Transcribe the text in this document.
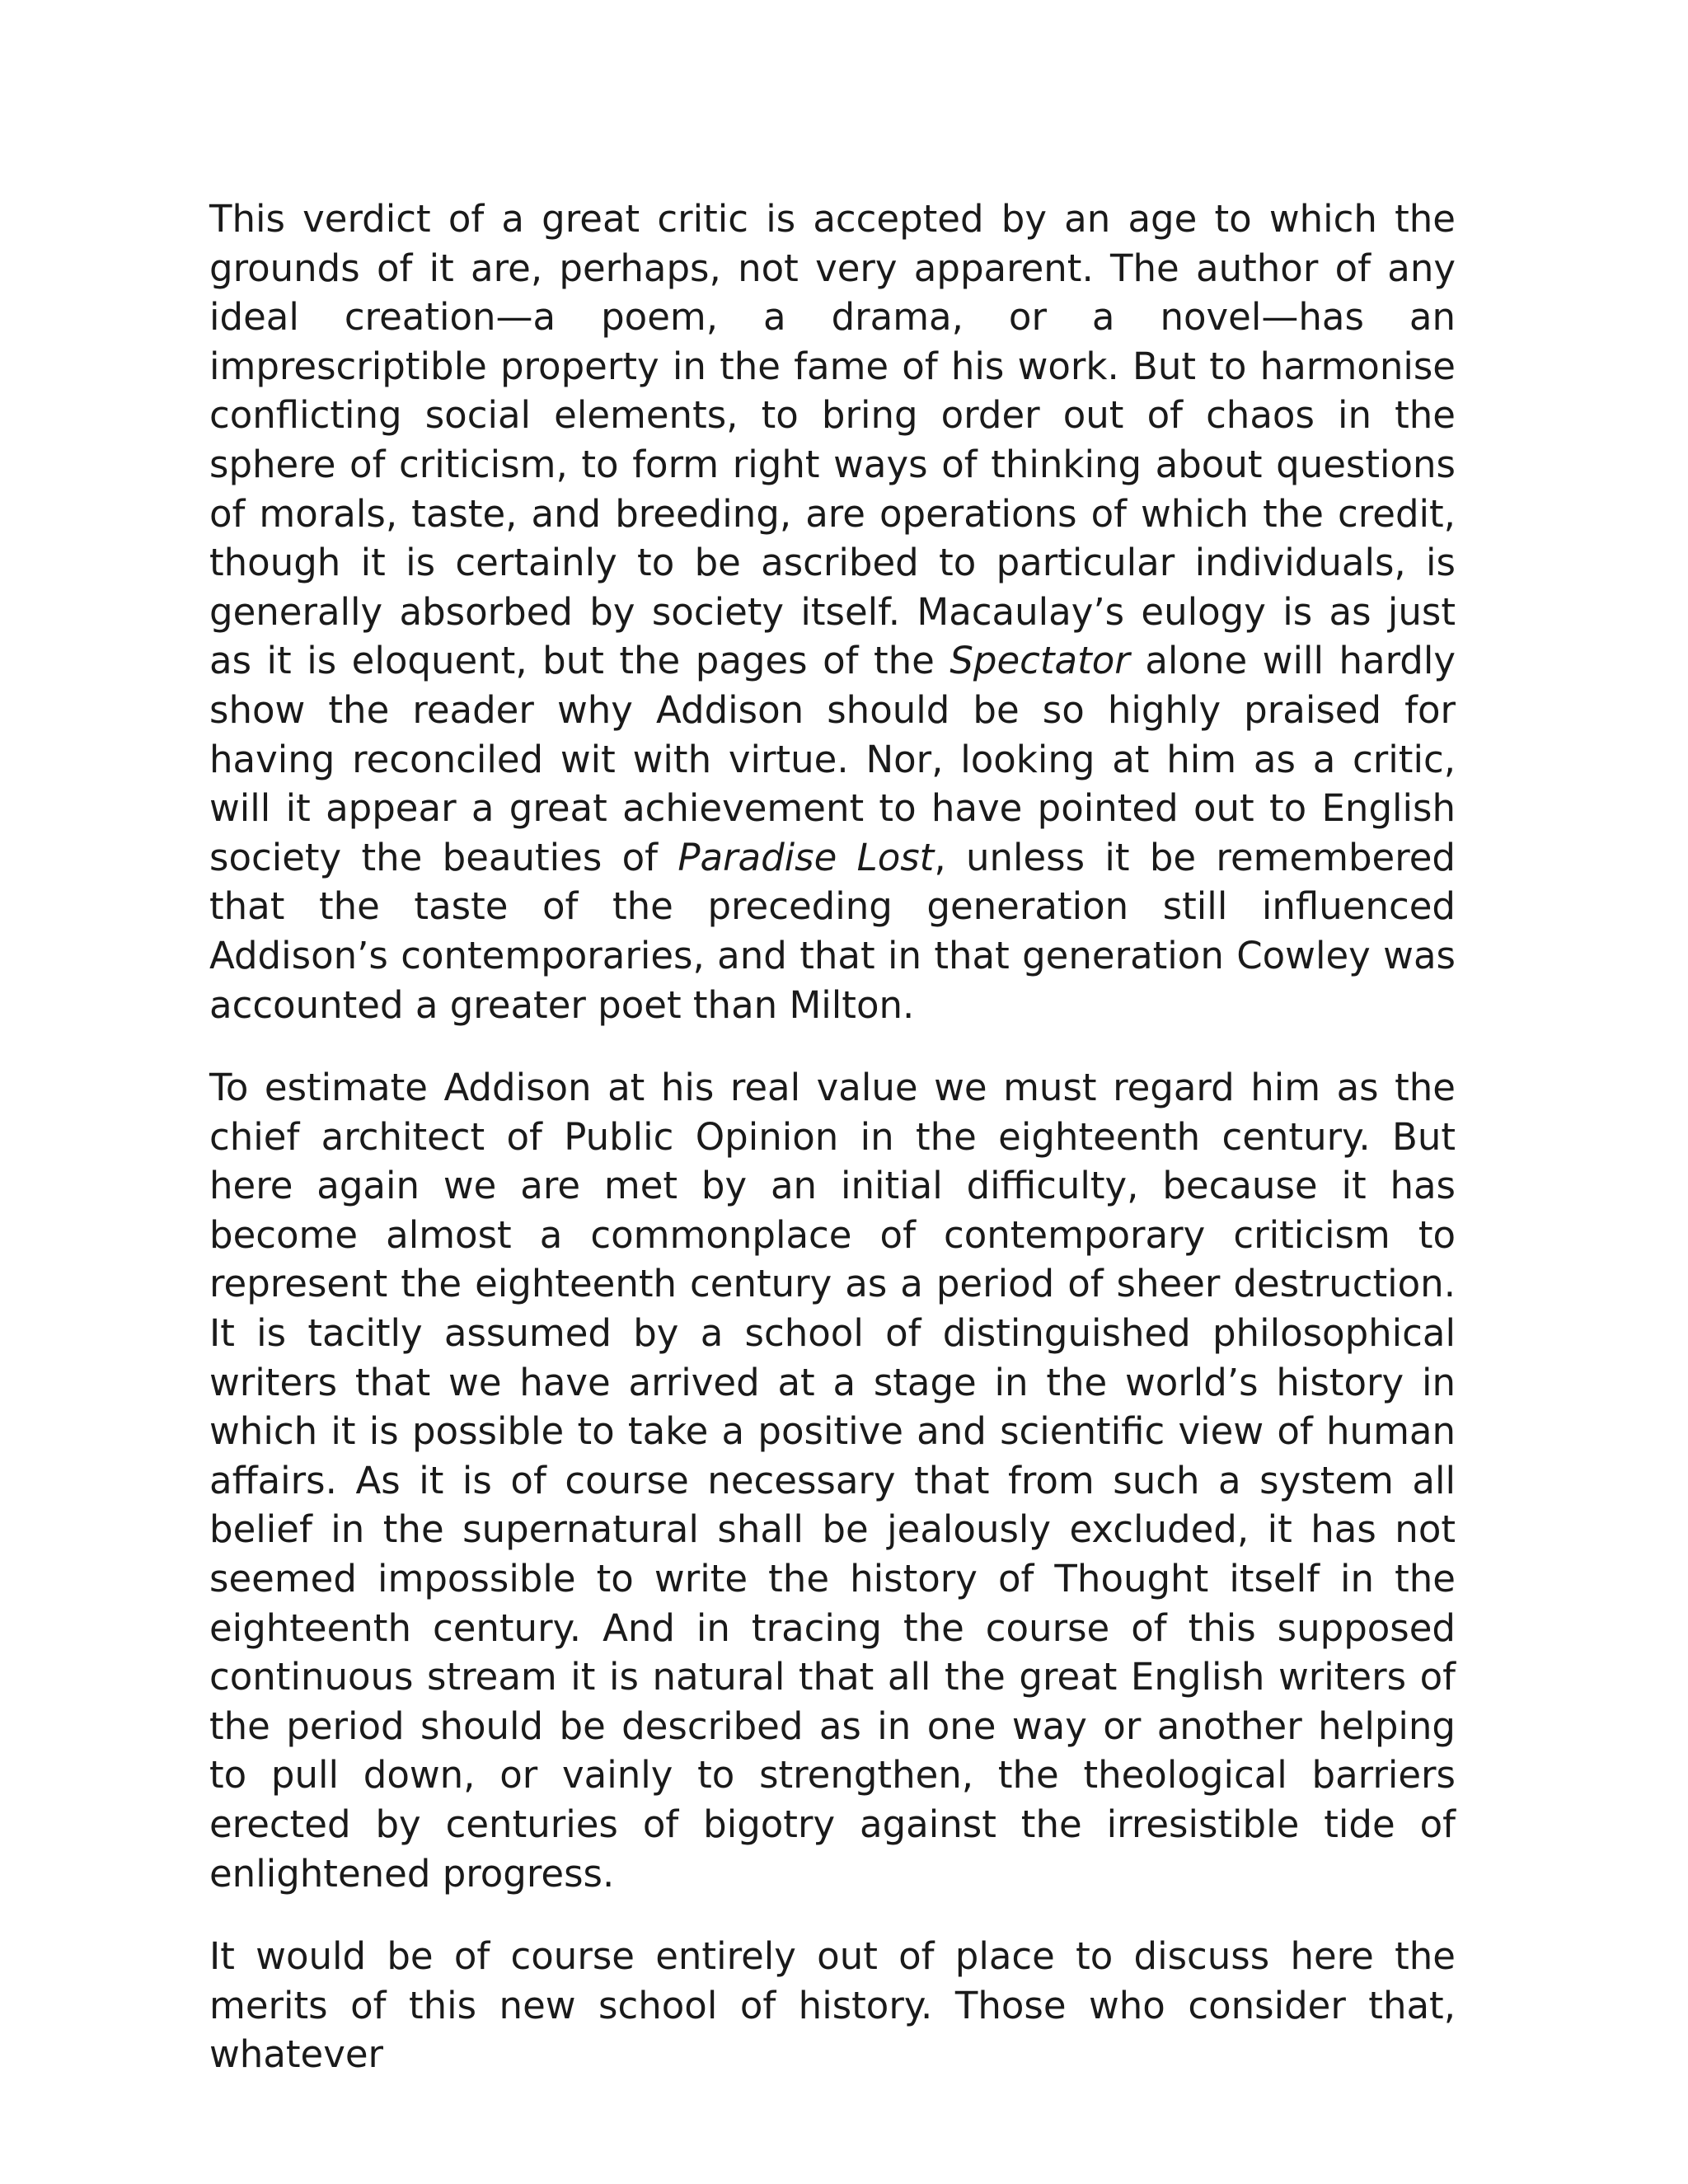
This verdict of a great critic is accepted by an age to which the grounds of it are, perhaps, not very apparent. The author of any ideal creation—a poem, a drama, or a novel—has an imprescriptible property in the fame of his work. But to harmonise conflicting social elements, to bring order out of chaos in the sphere of criticism, to form right ways of thinking about questions of morals, taste, and breeding, are operations of which the credit, though it is certainly to be ascribed to particular individuals, is generally absorbed by society itself. Macaulay’s eulogy is as just as it is eloquent, but the pages of the Spectator alone will hardly show the reader why Addison should be so highly praised for having reconciled wit with virtue. Nor, looking at him as a critic, will it appear a great achievement to have pointed out to English society the beauties of Paradise Lost, unless it be remembered that the taste of the preceding generation still influenced Addison’s contemporaries, and that in that generation Cowley was accounted a greater poet than Milton.

To estimate Addison at his real value we must regard him as the chief architect of Public Opinion in the eighteenth century. But here again we are met by an initial difficulty, because it has become almost a commonplace of contemporary criticism to represent the eighteenth century as a period of sheer destruction. It is tacitly assumed by a school of distinguished philosophical writers that we have arrived at a stage in the world’s history in which it is possible to take a positive and scientific view of human affairs. As it is of course necessary that from such a system all belief in the supernatural shall be jealously excluded, it has not seemed impossible to write the history of Thought itself in the eighteenth century. And in tracing the course of this supposed continuous stream it is natural that all the great English writers of the period should be described as in one way or another helping to pull down, or vainly to strengthen, the theological barriers erected by centuries of bigotry against the irresistible tide of enlightened progress.

It would be of course entirely out of place to discuss here the merits of this new school of history. Those who consider that, whatever
